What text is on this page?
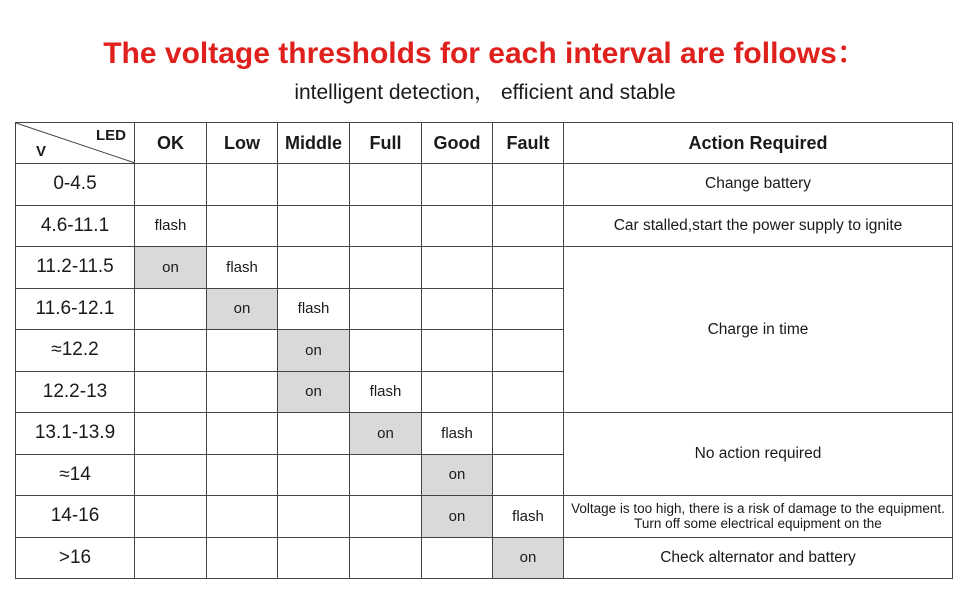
The voltage thresholds for each interval are follows：
intelligent detection， efficient and stable
LED
V	OK	Low	Middle	Full	Good	Fault	Action Required
0-4.5							Change battery
4.6-11.1	flash						Car stalled,start the power supply to ignite
11.2-11.5	on	flash					Charge in time
11.6-12.1		on	flash				
≈12.2			on				
12.2-13			on	flash			
13.1-13.9				on	flash		No action required
≈14					on		
14-16					on	flash	Voltage is too high, there is a risk of damage to the equipment. Turn off some electrical equipment on the
>16						on	Check alternator and battery
